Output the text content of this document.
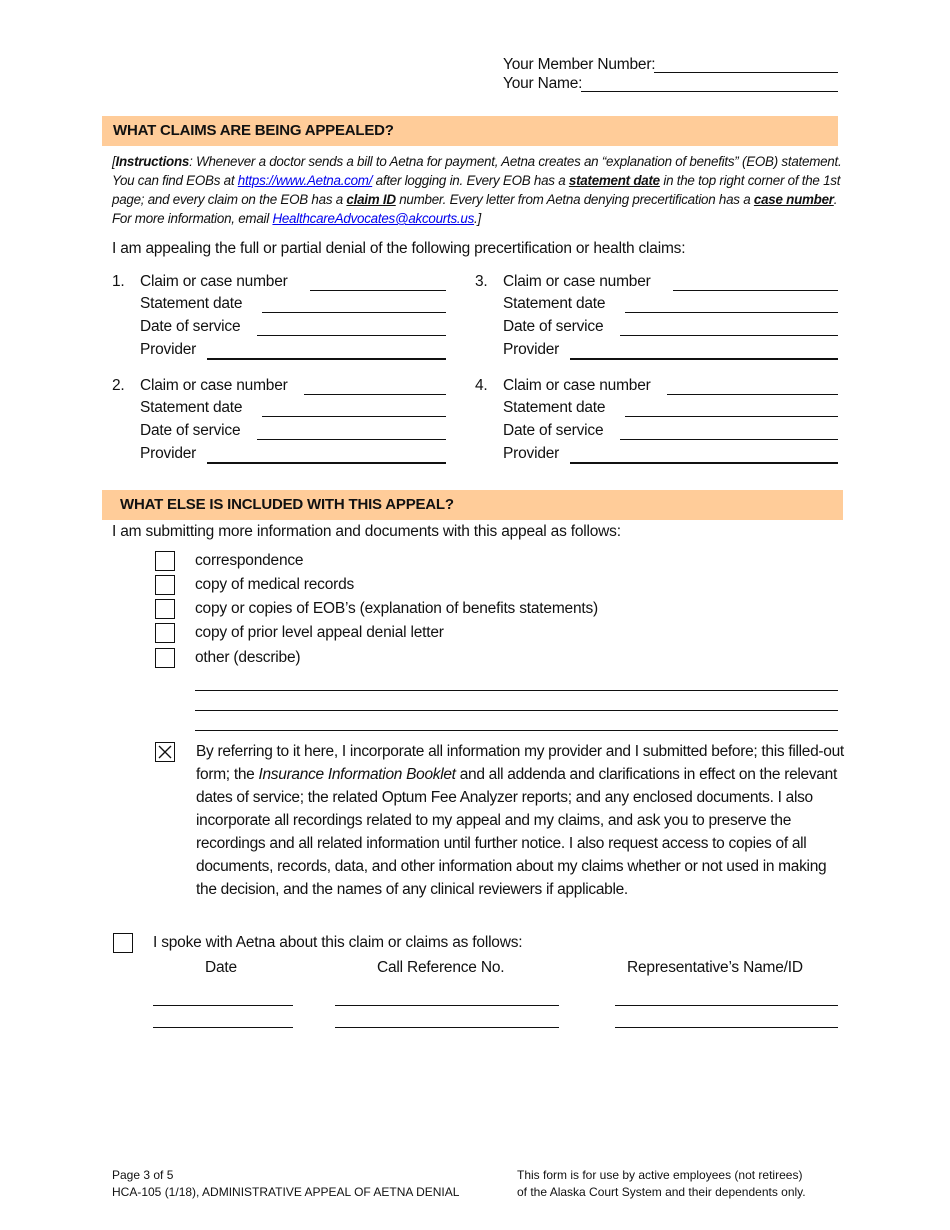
Your Member Number:
Your Name:
WHAT CLAIMS ARE BEING APPEALED?
[Instructions: Whenever a doctor sends a bill to Aetna for payment, Aetna creates an “explanation of benefits” (EOB) statement. You can find EOBs at https://www.Aetna.com/ after logging in. Every EOB has a statement date in the top right corner of the 1st page; and every claim on the EOB has a claim ID number. Every letter from Aetna denying precertification has a case number. For more information, email HealthcareAdvocates@akcourts.us.]
I am appealing the full or partial denial of the following precertification or health claims:
1. Claim or case number
Statement date
Date of service
Provider
2. Claim or case number
Statement date
Date of service
Provider
3. Claim or case number
Statement date
Date of service
Provider
4. Claim or case number
Statement date
Date of service
Provider
WHAT ELSE IS INCLUDED WITH THIS APPEAL?
I am submitting more information and documents with this appeal as follows:
correspondence
copy of medical records
copy or copies of EOB’s (explanation of benefits statements)
copy of prior level appeal denial letter
other (describe)
By referring to it here, I incorporate all information my provider and I submitted before; this filled-out form; the Insurance Information Booklet and all addenda and clarifications in effect on the relevant dates of service; the related Optum Fee Analyzer reports; and any enclosed documents. I also incorporate all recordings related to my appeal and my claims, and ask you to preserve the recordings and all related information until further notice. I also request access to copies of all documents, records, data, and other information about my claims whether or not used in making the decision, and the names of any clinical reviewers if applicable.
I spoke with Aetna about this claim or claims as follows:
Date	Call Reference No.	Representative’s Name/ID
Page 3 of 5
HCA-105 (1/18), ADMINISTRATIVE APPEAL OF AETNA DENIAL
This form is for use by active employees (not retirees)
of the Alaska Court System and their dependents only.
